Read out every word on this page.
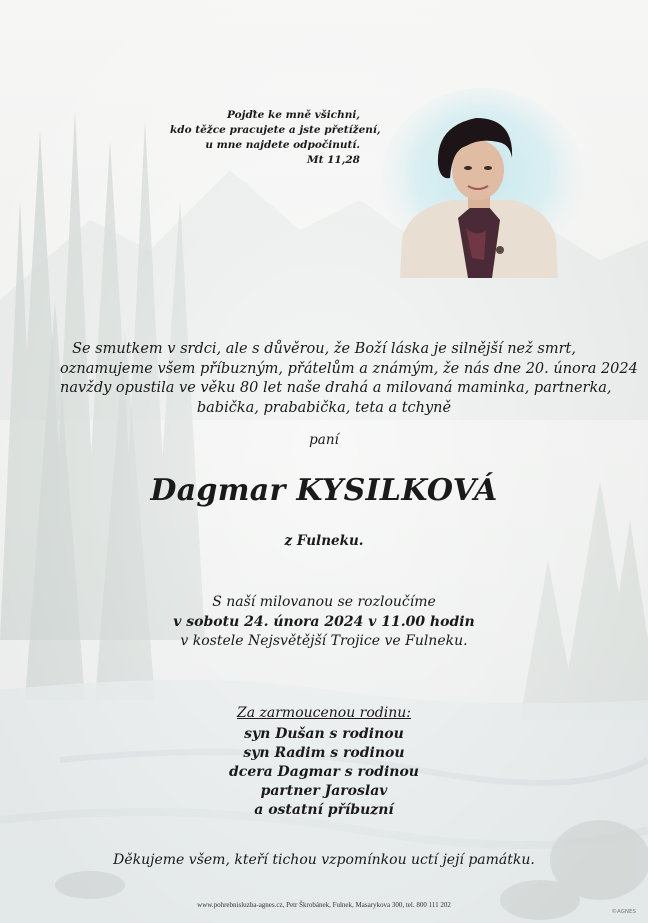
Pojďte ke mně všichni,
kdo těžce pracujete a jste přetížení,
u mne najdete odpočinutí.
Mt 11,28
Se smutkem v srdci, ale s důvěrou, že Boží láska je silnější než smrt,
oznamujeme všem příbuzným, přátelům a známým, že nás dne 20. února 2024
navždy opustila ve věku 80 let naše drahá a milovaná maminka, partnerka,
babička, prababička, teta a tchyně
paní
Dagmar KYSILKOVÁ
z Fulneku.
S naší milovanou se rozloučíme
v sobotu 24. února 2024 v 11.00 hodin
v kostele Nejsvětější Trojice ve Fulneku.
Za zarmoucenou rodinu:
syn Dušan s rodinou
syn Radim s rodinou
dcera Dagmar s rodinou
partner Jaroslav
a ostatní příbuzní
Děkujeme všem, kteří tichou vzpomínkou uctí její památku.
www.pohrebnisluzba-agnes.cz, Petr Škrobánek, Fulnek, Masarykova 300, tel. 800 111 202
©AGNES
